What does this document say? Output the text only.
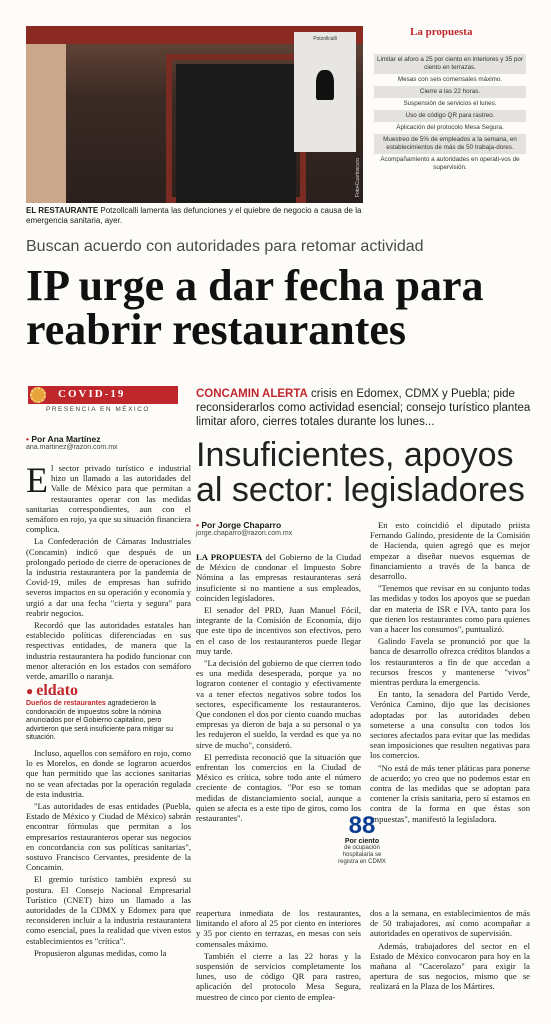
Potzollcalli
Foto•Cuartoscuro
EL RESTAURANTE Potzollcalli lamenta las defunciones y el quiebre de negocio a causa de la emergencia sanitaria, ayer.
La propuesta
Limitar el aforo a 25 por ciento en interiores y 35 por ciento en terrazas.
Mesas con seis comensales máximo.
Cierre a las 22 horas.
Suspensión de servicios el lunes.
Uso de código QR para rastreo.
Aplicación del protocolo Mesa Segura.
Muestreo de 5% de empleados a la semana, en establecimientos de más de 50 trabaja-dores.
Acompañamiento a autoridades en operati-vos de supervisión.
Buscan acuerdo con autoridades para retomar actividad
IP urge a dar fecha para reabrir restaurantes
COVID-19
PRESENCIA EN MÉXICO
CONCAMIN ALERTA crisis en Edomex, CDMX y Puebla; pide reconsiderarlos como actividad esencial; consejo turístico plantea limitar aforo, cierres totales durante los lunes...
Insuficientes, apoyos al sector: legisladores
• Por Ana Martínez
ana.martinez@razon.com.mx
E l sector privado turístico e industrial hizo un llamado a las autoridades del Valle de México para que permitan a restaurantes operar con las medidas sanitarias correspondientes, aun con el semáforo en rojo, ya que su situación financiera complica.

La Confederación de Cámaras Industriales (Concamin) indicó que después de un prolongado periodo de cierre de operaciones de la industria restaurantera por la pandemia de Covid-19, miles de empresas han sufrido severos impactos en su operación y economía y urgió a dar una fecha "cierta y segura" para reabrir negocios.

Recordó que las autoridades estatales han establecido políticas diferenciadas en sus respectivas entidades, de manera que la industria restaurantera ha podido funcionar con menor alteración en los estados con semáforo verde, amarillo o naranja.

● eldato
Dueños de restaurantes agradecieron la condonación de impuestos sobre la nómina anunciados por el Gobierno capitalino, pero advirtieron que será insuficiente para mitigar su situación.

Incluso, aquellos con semáforo en rojo, como lo es Morelos, en donde se lograron acuerdos que han permitido que las acciones sanitarias no se vean afectadas por la operación regulada de esta industria.

"Las autoridades de esas entidades (Puebla, Estado de México y Ciudad de México) sabrán encontrar fórmulas que permitan a los empresarios restauranteros operar sus negocios en concordancia con sus políticas sanitarias", sostuvo Francisco Cervantes, presidente de la Concamin.

El gremio turístico también expresó su postura. El Consejo Nacional Empresarial Turístico (CNET) hizo un llamado a las autoridades de la CDMX y Edomex para que reconsideren incluir a la industria restaurantera como esencial, pues la realidad que viven estos establecimientos es "crítica".

Propusieron algunas medidas, como la

• Por Jorge Chaparro
jorge.chaparro@razon.com.mx

LA PROPUESTA del Gobierno de la Ciudad de México de condonar el Impuesto Sobre Nómina a las empresas restauranteras será insuficiente si no mantiene a sus empleados, coinciden legisladores.

El senador del PRD, Juan Manuel Fócil, integrante de la Comisión de Economía, dijo que este tipo de incentivos son efectivos, pero en el caso de los restauranteros puede llegar muy tarde.

"La decisión del gobierno de que cierren todo es una medida desesperada, porque ya no lograron contener el contagio y efectivamente va a tener efectos negativos sobre todos los sectores, específicamente los restauranteros. Que condonen el dos por ciento cuando muchas empresas ya dieron de baja a su personal o ya les redujeron el sueldo, la verdad es que ya no sirve de mucho", consideró.

El perredista reconoció que la situación que enfrentan los comercios en la Ciudad de México es crítica, sobre todo ante el número creciente de contagios. "Por eso se toman medidas de distanciamiento social, aunque a quien se afecta es a este tipo de giros, como los restaurantes".

En esto coincidió el diputado priista Fernando Galindo, presidente de la Comisión de Hacienda, quien agregó que es mejor empezar a diseñar nuevos esquemas de financiamiento a través de la banca de desarrollo.

"Tenemos que revisar en su conjunto todas las medidas y todos los apoyos que se puedan dar en materia de ISR e IVA, tanto para los que tienen los restaurantes como para quienes van a hacer los consumos", puntualizó.

Galindo Favela se pronunció por que la banca de desarrollo ofrezca créditos blandos a los restauranteros a fin de que accedan a recursos frescos y mantenerse "vivos" mientras perdura la emergencia.

En tanto, la senadora del Partido Verde, Verónica Camino, dijo que las decisiones adoptadas por las autoridades deben someterse a una consulta con todos los sectores afectados para evitar que las medidas sean imposiciones que resulten negativas para los comercios.

"No está de más tener pláticas para ponerse de acuerdo; yo creo que no podemos estar en contra de las medidas que se adoptan para contener la crisis sanitaria, pero sí estamos en contra de la forma en que éstas son impuestas", manifestó la legisladora.

88
Por ciento
de ocupación hospitalaria se registra en CDMX

reapertura inmediata de los restaurantes, limitando el aforo al 25 por ciento en interiores y 35 por ciento en terrazas, en mesas con seis comensales máximo.

También el cierre a las 22 horas y la suspensión de servicios completamente los lunes, uso de código QR para rastreo, aplicación del protocolo Mesa Segura, muestreo de cinco por ciento de emplea-

dos a la semana, en establecimientos de más de 50 trabajadores, así como acompañar a autoridades en operativos de supervisión.

Además, trabajadores del sector en el Estado de México convocaron para hoy en la mañana al "Cacerolazo" para exigir la apertura de sus negocios, mismo que se realizará en la Plaza de los Mártires.
